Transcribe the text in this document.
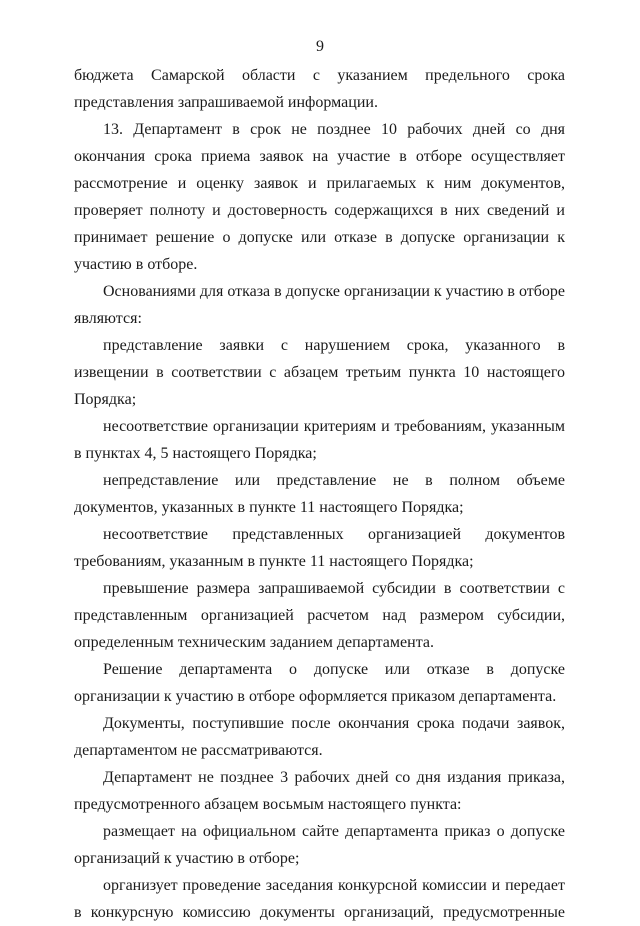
9

бюджета Самарской области с указанием предельного срока представления запрашиваемой информации.

13. Департамент в срок не позднее 10 рабочих дней со дня окончания срока приема заявок на участие в отборе осуществляет рассмотрение и оценку заявок и прилагаемых к ним документов, проверяет полноту и достоверность содержащихся в них сведений и принимает решение о допуске или отказе в допуске организации к участию в отборе.

Основаниями для отказа в допуске организации к участию в отборе являются:

представление заявки с нарушением срока, указанного в извещении в соответствии с абзацем третьим пункта 10 настоящего Порядка;

несоответствие организации критериям и требованиям, указанным в пунктах 4, 5 настоящего Порядка;

непредставление или представление не в полном объеме документов, указанных в пункте 11 настоящего Порядка;

несоответствие представленных организацией документов требованиям, указанным в пункте 11 настоящего Порядка;

превышение размера запрашиваемой субсидии в соответствии с представленным организацией расчетом над размером субсидии, определенным техническим заданием департамента.

Решение департамента о допуске или отказе в допуске организации к участию в отборе оформляется приказом департамента.

Документы, поступившие после окончания срока подачи заявок, департаментом не рассматриваются.

Департамент не позднее 3 рабочих дней со дня издания приказа, предусмотренного абзацем восьмым настоящего пункта:

размещает на официальном сайте департамента приказ о допуске организаций к участию в отборе;

организует проведение заседания конкурсной комиссии и передает в конкурсную комиссию документы организаций, предусмотренные
